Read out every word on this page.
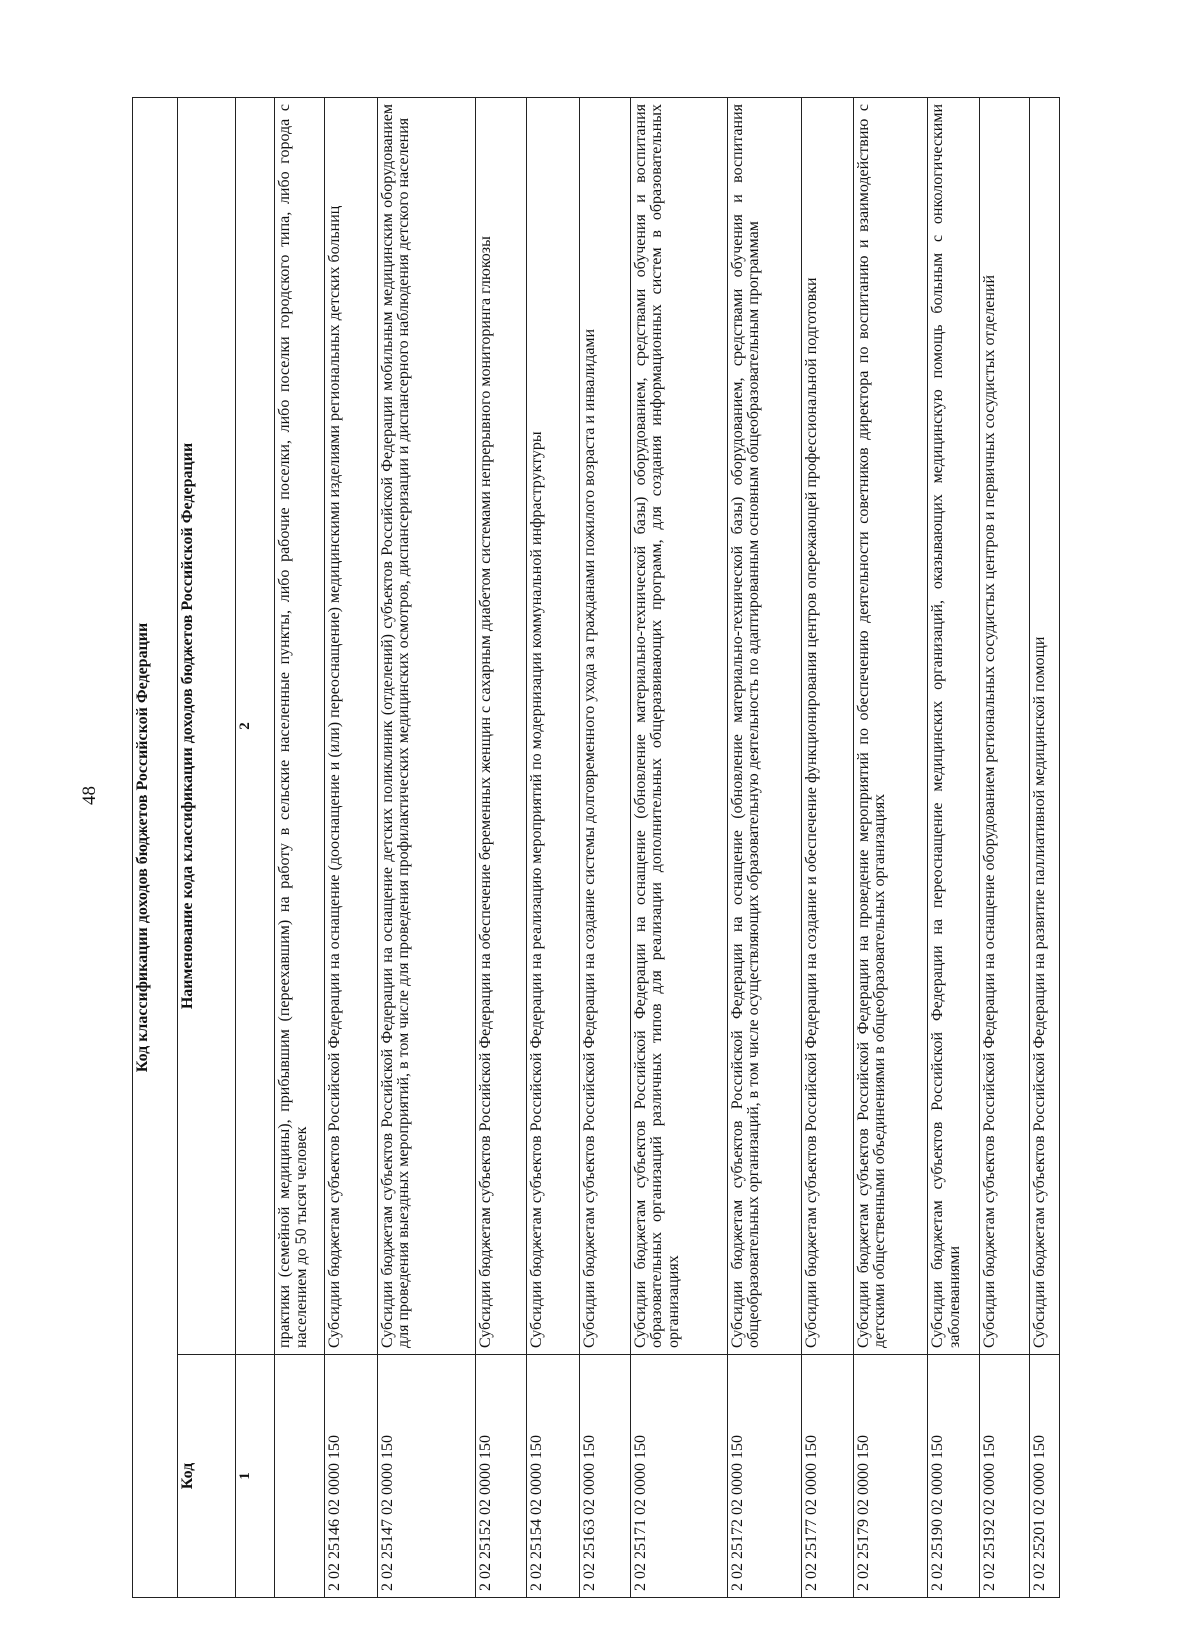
48 Код классификации доходов бюджетов Российской Федерации	
Код	Наименование кода классификации доходов бюджетов Российской Федерации
1	2
	практики (семейной медицины), прибывшим (переехавшим) на работу в сельские населенные пункты, либо рабочие поселки, либо поселки городского типа, либо города с населением до 50 тысяч человек
2 02 25146 02 0000 150	Субсидии бюджетам субъектов Российской Федерации на оснащение (дооснащение и (или) переоснащение) медицинскими изделиями региональных детских больниц
2 02 25147 02 0000 150	Субсидии бюджетам субъектов Российской Федерации на оснащение детских поликлиник (отделений) субъектов Российской Федерации мобильным медицинским оборудованием для проведения выездных мероприятий, в том числе для проведения профилактических медицинских осмотров, диспансеризации и диспансерного наблюдения детского населения
2 02 25152 02 0000 150	Субсидии бюджетам субъектов Российской Федерации на обеспечение беременных женщин с сахарным диабетом системами непрерывного мониторинга глюкозы
2 02 25154 02 0000 150	Субсидии бюджетам субъектов Российской Федерации на реализацию мероприятий по модернизации коммунальной инфраструктуры
2 02 25163 02 0000 150	Субсидии бюджетам субъектов Российской Федерации на создание системы долговременного ухода за гражданами пожилого возраста и инвалидами
2 02 25171 02 0000 150	Субсидии бюджетам субъектов Российской Федерации на оснащение (обновление материально-технической базы) оборудованием, средствами обучения и воспитания образовательных организаций различных типов для реализации дополнительных общеразвивающих программ, для создания информационных систем в образовательных организациях
2 02 25172 02 0000 150	Субсидии бюджетам субъектов Российской Федерации на оснащение (обновление материально-технической базы) оборудованием, средствами обучения и воспитания общеобразовательных организаций, в том числе осуществляющих образовательную деятельность по адаптированным основным общеобразовательным программам
2 02 25177 02 0000 150	Субсидии бюджетам субъектов Российской Федерации на создание и обеспечение функционирования центров опережающей профессиональной подготовки
2 02 25179 02 0000 150	Субсидии бюджетам субъектов Российской Федерации на проведение мероприятий по обеспечению деятельности советников директора по воспитанию и взаимодействию с детскими общественными объединениями в общеобразовательных организациях
2 02 25190 02 0000 150	Субсидии бюджетам субъектов Российской Федерации на переоснащение медицинских организаций, оказывающих медицинскую помощь больным с онкологическими заболеваниями
2 02 25192 02 0000 150	Субсидии бюджетам субъектов Российской Федерации на оснащение оборудованием региональных сосудистых центров и первичных сосудистых отделений
2 02 25201 02 0000 150	Субсидии бюджетам субъектов Российской Федерации на развитие паллиативной медицинской помощи
